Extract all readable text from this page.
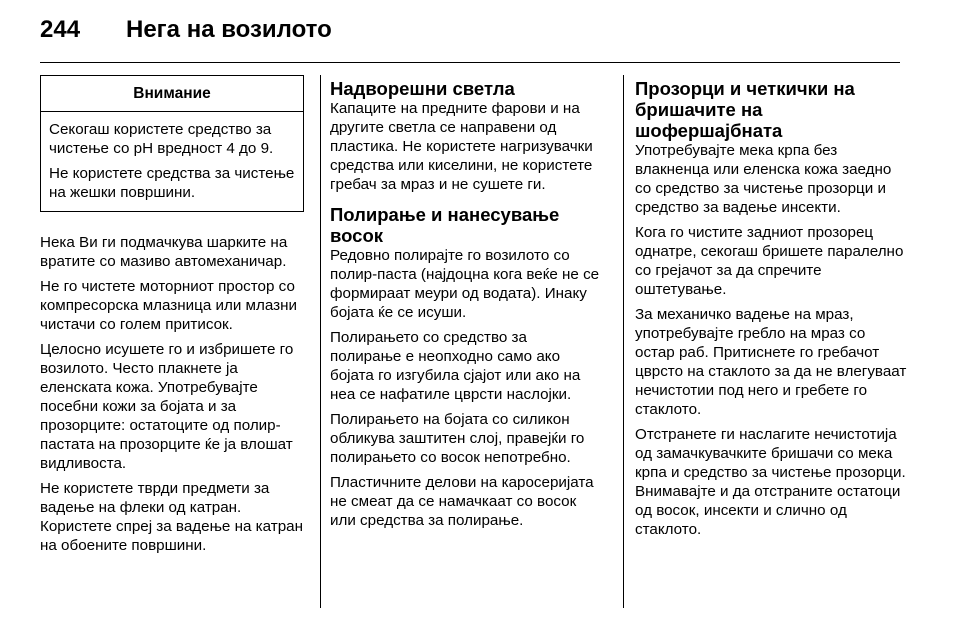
244 Нега на возилото
Внимание

Секогаш користете средство за чистење со pH вредност 4 до 9.

Не користете средства за чистење на жешки површини.

Нека Ви ги подмачкува шарките на вратите со мазиво автомеханичар.

Не го чистете моторниот простор со компресорска млазница или млазни чистачи со голем притисок.

Целосно исушете го и избришете го возилото. Често плакнете ја еленската кожа. Употребувајте посебни кожи за бојата и за прозорците: остатоците од полир-пастата на прозорците ќе ја влошат видливоста.

Не користете тврди предмети за вадење на флеки од катран. Користете спреј за вадење на катран на обоените површини.

Надворешни светла

Капаците на предните фарови и на другите светла се направени од пластика. Не користете нагризувачки средства или киселини, не користете гребач за мраз и не сушете ги.

Полирање и нанесување восок

Редовно полирајте го возилото со полир-паста (најдоцна кога веќе не се формираат меури од водата). Инаку бојата ќе се исуши.

Полирањето со средство за полирање е неопходно само ако бојата го изгубила сјајот или ако на неа се нафатиле цврсти наслојки.

Полирањето на бојата со силикон обликува заштитен слој, правејќи го полирањето со восок непотребно.

Пластичните делови на каросеријата не смеат да се намачкаат со восок или средства за полирање.

Прозорци и четкички на бришачите на шофершајбната

Употребувајте мека крпа без влакненца или еленска кожа заедно со средство за чистење прозорци и средство за вадење инсекти.

Кога го чистите задниот прозорец однатре, секогаш бришете паралелно со грејачот за да спречите оштетување.

За механичко вадење на мраз, употребувајте гребло на мраз со остар раб. Притиснете го гребачот цврсто на стаклото за да не влегуваат нечистотии под него и гребете го стаклото.

Отстранете ги наслагите нечистотија од замачкувачките бришачи со мека крпа и средство за чистење прозорци. Внимавајте и да отстраните остатоци од восок, инсекти и слично од стаклото.
